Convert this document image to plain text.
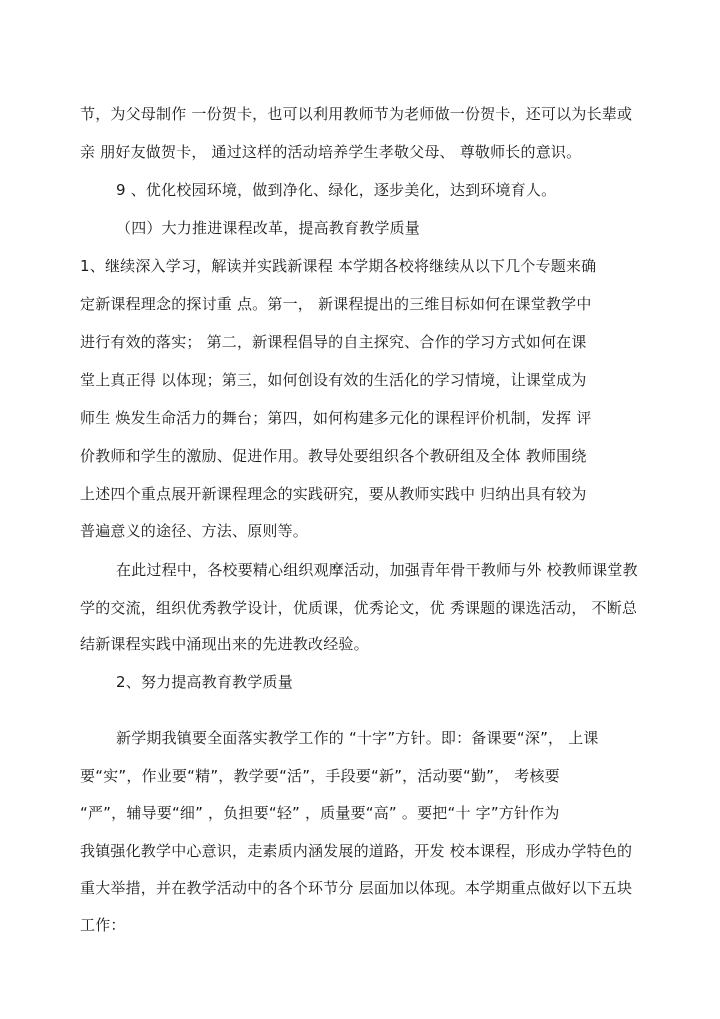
节，为父母制作 一份贺卡，也可以利用教师节为老师做一份贺卡，还可以为长辈或
亲 朋好友做贺卡， 通过这样的活动培养学生孝敬父母、 尊敬师长的意识。
9 、优化校园环境，做到净化、绿化，逐步美化，达到环境育人。
（四）大力推进课程改革，提高教育教学质量
1、继续深入学习，解读并实践新课程 本学期各校将继续从以下几个专题来确
定新课程理念的探讨重 点。第一， 新课程提出的三维目标如何在课堂教学中
进行有效的落实； 第二，新课程倡导的自主探究、合作的学习方式如何在课
堂上真正得 以体现；第三，如何创设有效的生活化的学习情境，让课堂成为
师生 焕发生命活力的舞台；第四，如何构建多元化的课程评价机制，发挥 评
价教师和学生的激励、促进作用。教导处要组织各个教研组及全体 教师围绕
上述四个重点展开新课程理念的实践研究，要从教师实践中 归纳出具有较为
普遍意义的途径、方法、原则等。
在此过程中，各校要精心组织观摩活动，加强青年骨干教师与外 校教师课堂教
学的交流，组织优秀教学设计，优质课，优秀论文，优 秀课题的课选活动， 不断总
结新课程实践中涌现出来的先进教改经验。
2、努力提高教育教学质量
新学期我镇要全面落实教学工作的 “十字”方针。即：备课要“深”， 上课
要“实”，作业要“精”，教学要“活”，手段要“新”，活动要“勤”， 考核要
“严”，辅导要“细” ，负担要“轻” ，质量要“高” 。要把“十 字”方针作为
我镇强化教学中心意识，走素质内涵发展的道路，开发 校本课程，形成办学特色的
重大举措，并在教学活动中的各个环节分 层面加以体现。本学期重点做好以下五块
工作：
